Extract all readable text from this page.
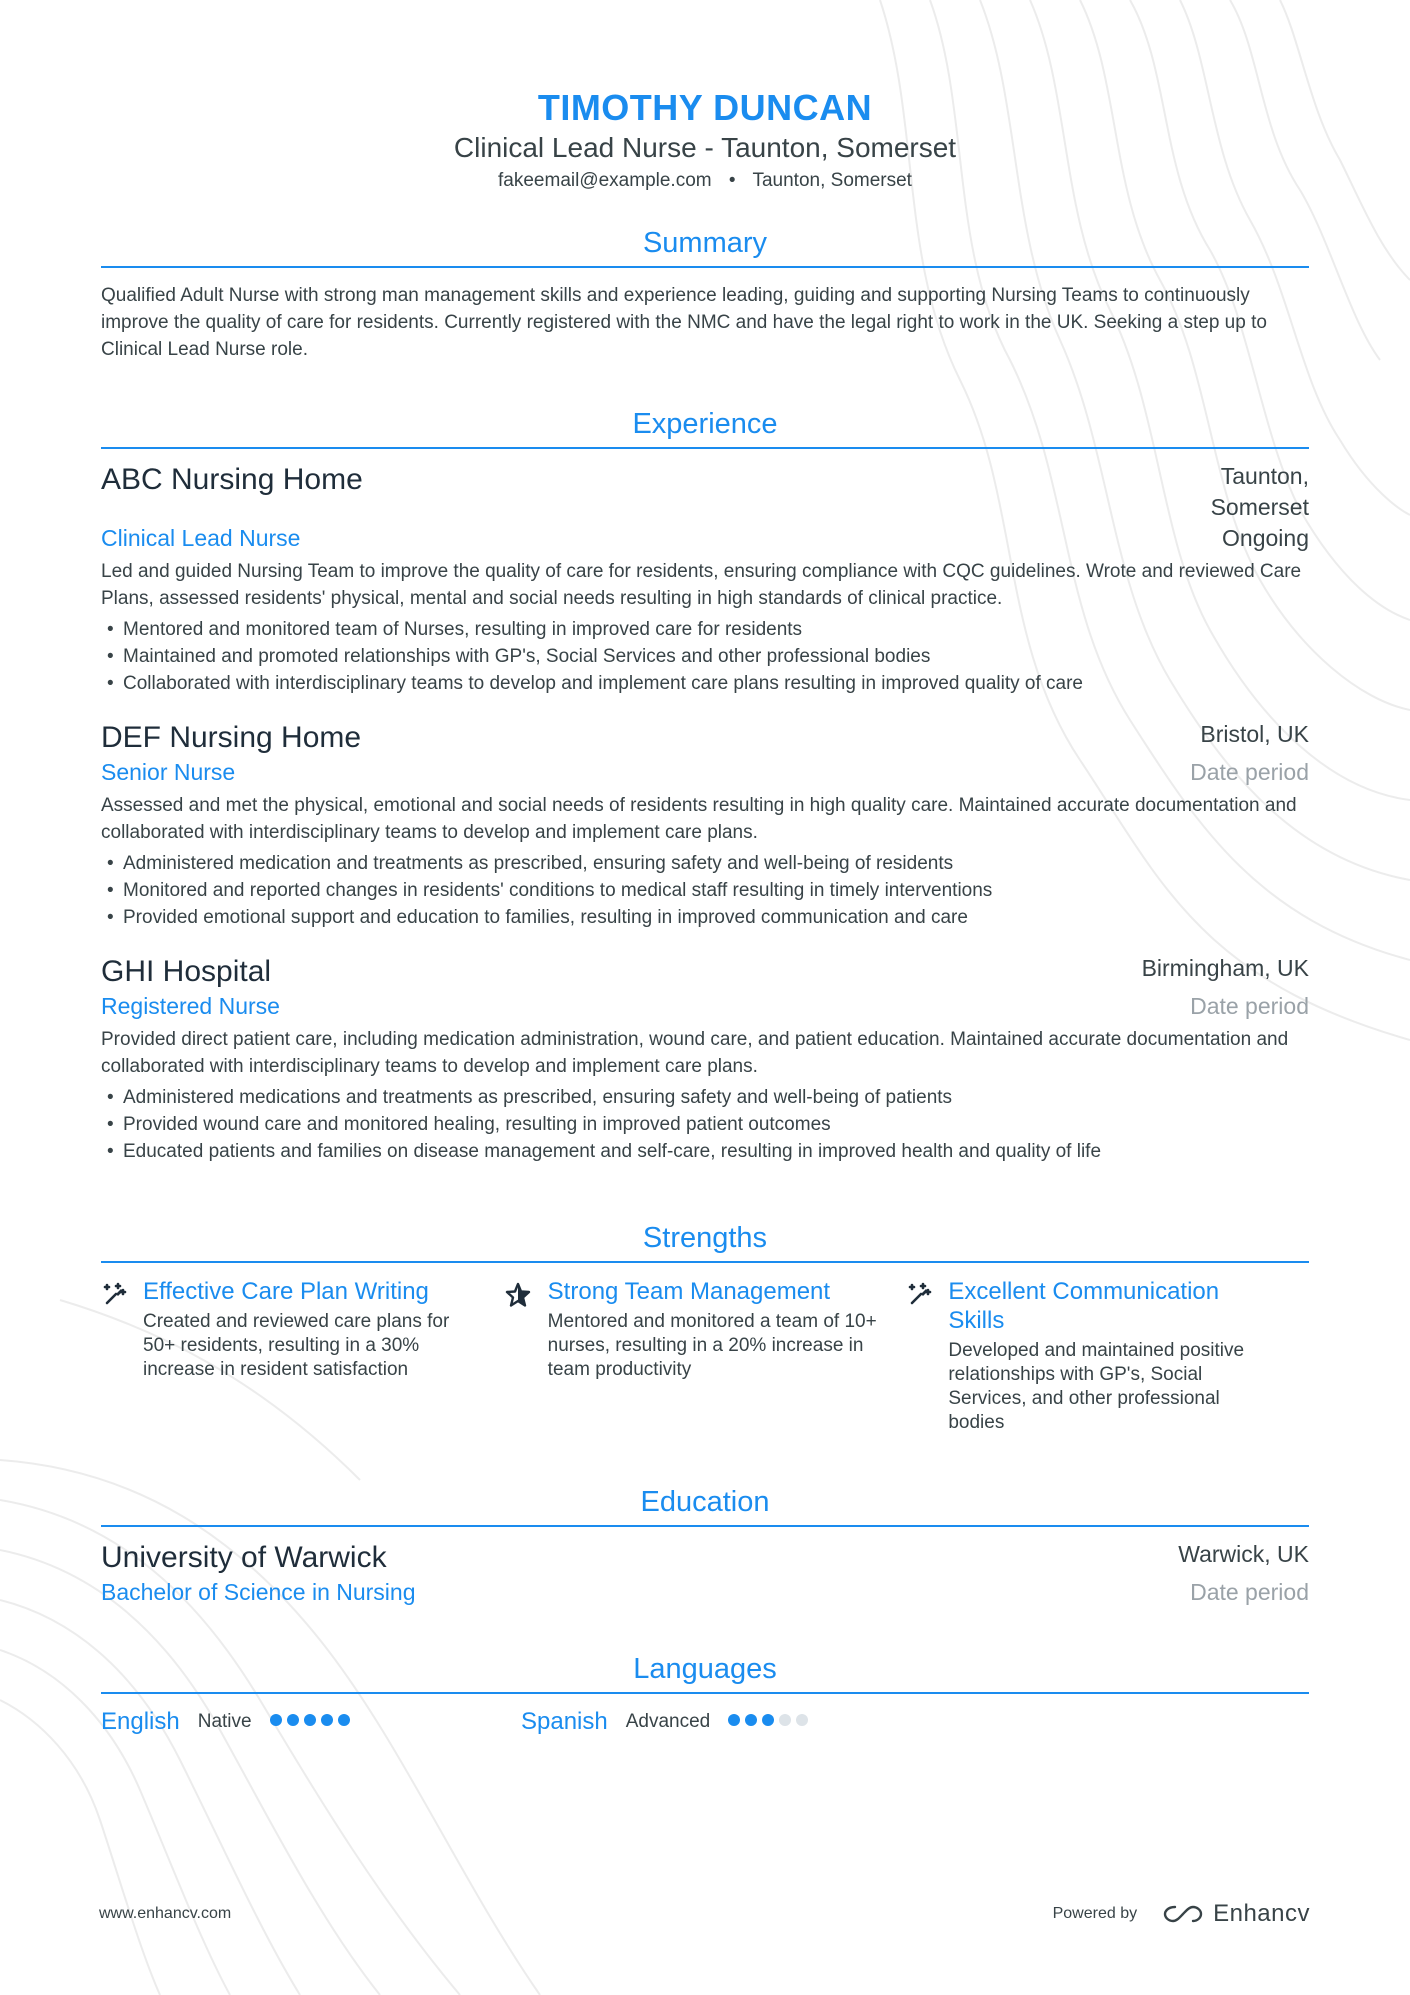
TIMOTHY DUNCAN
Clinical Lead Nurse - Taunton, Somerset
fakeemail@example.com • Taunton, Somerset
Summary
Qualified Adult Nurse with strong man management skills and experience leading, guiding and supporting Nursing Teams to continuously improve the quality of care for residents. Currently registered with the NMC and have the legal right to work in the UK. Seeking a step up to Clinical Lead Nurse role.
Experience
ABC Nursing Home	Taunton,
Somerset
Clinical Lead Nurse	Ongoing
Led and guided Nursing Team to improve the quality of care for residents, ensuring compliance with CQC guidelines. Wrote and reviewed Care Plans, assessed residents' physical, mental and social needs resulting in high standards of clinical practice.
• Mentored and monitored team of Nurses, resulting in improved care for residents
• Maintained and promoted relationships with GP's, Social Services and other professional bodies
• Collaborated with interdisciplinary teams to develop and implement care plans resulting in improved quality of care
DEF Nursing Home	Bristol, UK
Senior Nurse	Date period
Assessed and met the physical, emotional and social needs of residents resulting in high quality care. Maintained accurate documentation and collaborated with interdisciplinary teams to develop and implement care plans.
• Administered medication and treatments as prescribed, ensuring safety and well-being of residents
• Monitored and reported changes in residents' conditions to medical staff resulting in timely interventions
• Provided emotional support and education to families, resulting in improved communication and care
GHI Hospital	Birmingham, UK
Registered Nurse	Date period
Provided direct patient care, including medication administration, wound care, and patient education. Maintained accurate documentation and collaborated with interdisciplinary teams to develop and implement care plans.
• Administered medications and treatments as prescribed, ensuring safety and well-being of patients
• Provided wound care and monitored healing, resulting in improved patient outcomes
• Educated patients and families on disease management and self-care, resulting in improved health and quality of life
Strengths
Effective Care Plan Writing
Created and reviewed care plans for 50+ residents, resulting in a 30% increase in resident satisfaction
Strong Team Management
Mentored and monitored a team of 10+ nurses, resulting in a 20% increase in team productivity
Excellent Communication Skills
Developed and maintained positive relationships with GP's, Social Services, and other professional bodies
Education
University of Warwick	Warwick, UK
Bachelor of Science in Nursing	Date period
Languages
English Native	Spanish Advanced
www.enhancv.com	Powered by	Enhancv
